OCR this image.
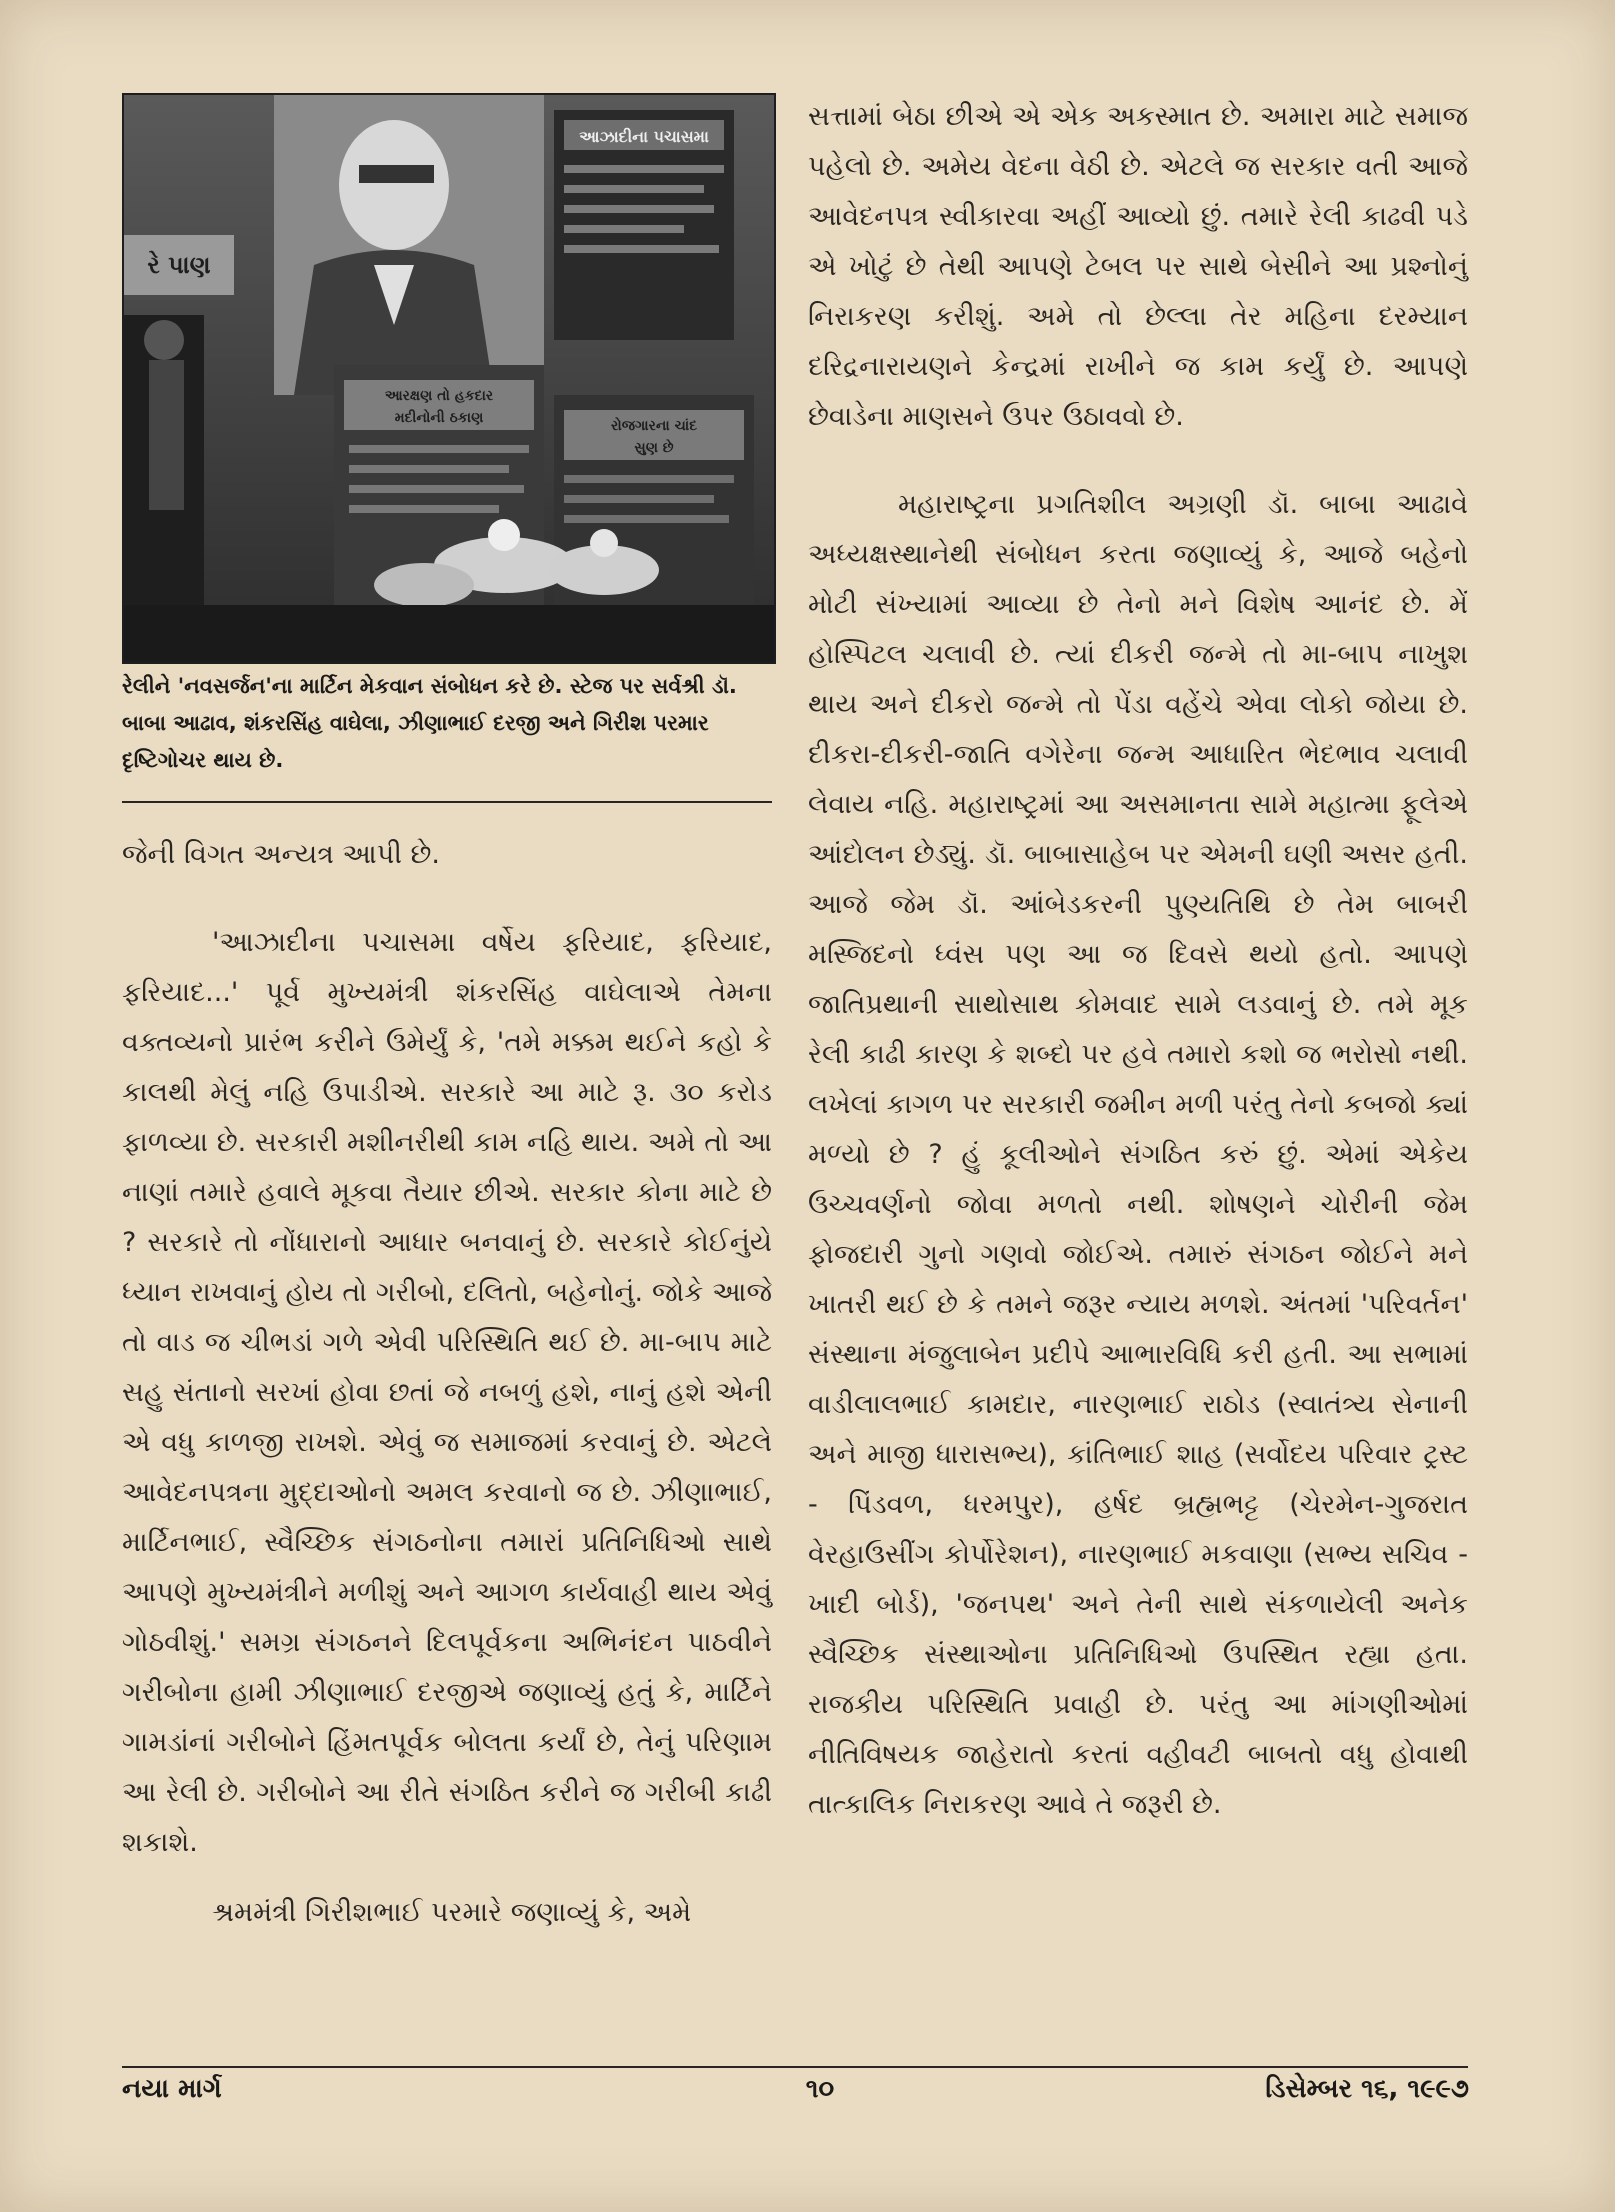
આઝાદીના પચાસમા
રે પાણ
આરક્ષણ તો હકદાર
મદીનોની ઠકાણ	રોજગારના ચાંદ
સુણ છે
રેલીને 'નવસર્જન'ના માર્ટિન મેકવાન સંબોધન કરે છે. સ્ટેજ પર સર્વશ્રી ડૉ. બાબા આઢાવ, શંકરસિંહ વાઘેલા, ઝીણાભાઈ દરજી અને ગિરીશ પરમાર દૃષ્ટિગોચર થાય છે.

જેની વિગત અન્યત્ર આપી છે.

'આઝાદીના પચાસમા વર્ષેય ફરિયાદ, ફરિયાદ, ફરિયાદ...' પૂર્વ મુખ્યમંત્રી શંકરસિંહ વાઘેલાએ તેમના વક્તવ્યનો પ્રારંભ કરીને ઉમેર્યું કે, 'તમે મક્કમ થઈને કહો કે કાલથી મેલું નહિ ઉપાડીએ. સરકારે આ માટે રૂ. ૩૦ કરોડ ફાળવ્યા છે. સરકારી મશીનરીથી કામ નહિ થાય. અમે તો આ નાણાં તમારે હવાલે મૂકવા તૈયાર છીએ. સરકાર કોના માટે છે ? સરકારે તો નોંધારાનો આધાર બનવાનું છે. સરકારે કોઈનુંયે ધ્યાન રાખવાનું હોય તો ગરીબો, દલિતો, બહેનોનું. જોકે આજે તો વાડ જ ચીભડાં ગળે એવી પરિસ્થિતિ થઈ છે. મા-બાપ માટે સહુ સંતાનો સરખાં હોવા છતાં જે નબળું હશે, નાનું હશે એની એ વધુ કાળજી રાખશે. એવું જ સમાજમાં કરવાનું છે. એટલે આવેદનપત્રના મુદ્દાઓનો અમલ કરવાનો જ છે. ઝીણાભાઈ, માર્ટિનભાઈ, સ્વૈચ્છિક સંગઠનોના તમારાં પ્રતિનિધિઓ સાથે આપણે મુખ્યમંત્રીને મળીશું અને આગળ કાર્યવાહી થાય એવું ગોઠવીશું.' સમગ્ર સંગઠનને દિલપૂર્વકના અભિનંદન પાઠવીને ગરીબોના હામી ઝીણાભાઈ દરજીએ જણાવ્યું હતું કે, માર્ટિને ગામડાંનાં ગરીબોને હિંમતપૂર્વક બોલતા કર્યાં છે, તેનું પરિણામ આ રેલી છે. ગરીબોને આ રીતે સંગઠિત કરીને જ ગરીબી કાઢી શકાશે.

શ્રમમંત્રી ગિરીશભાઈ પરમારે જણાવ્યું કે, અમે

સત્તામાં બેઠા છીએ એ એક અકસ્માત છે. અમારા માટે સમાજ પહેલો છે. અમેય વેદના વેઠી છે. એટલે જ સરકાર વતી આજે આવેદનપત્ર સ્વીકારવા અહીં આવ્યો છું. તમારે રેલી કાઢવી પડે એ ખોટું છે તેથી આપણે ટેબલ પર સાથે બેસીને આ પ્રશ્નોનું નિરાકરણ કરીશું. અમે તો છેલ્લા તેર મહિના દરમ્યાન દરિદ્રનારાયણને કેન્દ્રમાં રાખીને જ કામ કર્યું છે. આપણે છેવાડેના માણસને ઉપર ઉઠાવવો છે.

મહારાષ્ટ્રના પ્રગતિશીલ અગ્રણી ડૉ. બાબા આઢાવે અધ્યક્ષસ્થાનેથી સંબોધન કરતા જણાવ્યું કે, આજે બહેનો મોટી સંખ્યામાં આવ્યા છે તેનો મને વિશેષ આનંદ છે. મેં હોસ્પિટલ ચલાવી છે. ત્યાં દીકરી જન્મે તો મા-બાપ નાખુશ થાય અને દીકરો જન્મે તો પેંડા વહેંચે એવા લોકો જોયા છે. દીકરા-દીકરી-જાતિ વગેરેના જન્મ આધારિત ભેદભાવ ચલાવી લેવાય નહિ. મહારાષ્ટ્રમાં આ અસમાનતા સામે મહાત્મા ફૂલેએ આંદોલન છેડ્યું. ડૉ. બાબાસાહેબ પર એમની ઘણી અસર હતી. આજે જેમ ડૉ. આંબેડકરની પુણ્યતિથિ છે તેમ બાબરી મસ્જિદનો ધ્વંસ પણ આ જ દિવસે થયો હતો. આપણે જાતિપ્રથાની સાથોસાથ કોમવાદ સામે લડવાનું છે. તમે મૂક રેલી કાઢી કારણ કે શબ્દો પર હવે તમારો કશો જ ભરોસો નથી. લખેલાં કાગળ પર સરકારી જમીન મળી પરંતુ તેનો કબજો ક્યાં મળ્યો છે ? હું કૂલીઓને સંગઠિત કરું છું. એમાં એકેય ઉચ્ચવર્ણનો જોવા મળતો નથી. શોષણને ચોરીની જેમ ફોજદારી ગુનો ગણવો જોઈએ. તમારું સંગઠન જોઈને મને ખાતરી થઈ છે કે તમને જરૂર ન્યાય મળશે. અંતમાં 'પરિવર્તન' સંસ્થાના મંજુલાબેન પ્રદીપે આભારવિધિ કરી હતી. આ સભામાં વાડીલાલભાઈ કામદાર, નારણભાઈ રાઠોડ (સ્વાતંત્ર્ય સેનાની અને માજી ધારાસભ્ય), કાંતિભાઈ શાહ (સર્વોદય પરિવાર ટ્રસ્ટ - પિંડવળ, ધરમપુર), હર્ષદ બ્રહ્મભટ્ટ (ચેરમેન-ગુજરાત વેરહાઉસીંગ કોર્પોરેશન), નારણભાઈ મકવાણા (સભ્ય સચિવ - ખાદી બોર્ડ), 'જનપથ' અને તેની સાથે સંકળાયેલી અનેક સ્વૈચ્છિક સંસ્થાઓના પ્રતિનિધિઓ ઉપસ્થિત રહ્યા હતા. રાજકીય પરિસ્થિતિ પ્રવાહી છે. પરંતુ આ માંગણીઓમાં નીતિવિષયક જાહેરાતો કરતાં વહીવટી બાબતો વધુ હોવાથી તાત્કાલિક નિરાકરણ આવે તે જરૂરી છે.

નયા માર્ગ	૧૦	ડિસેમ્બર ૧૬, ૧૯૯૭
